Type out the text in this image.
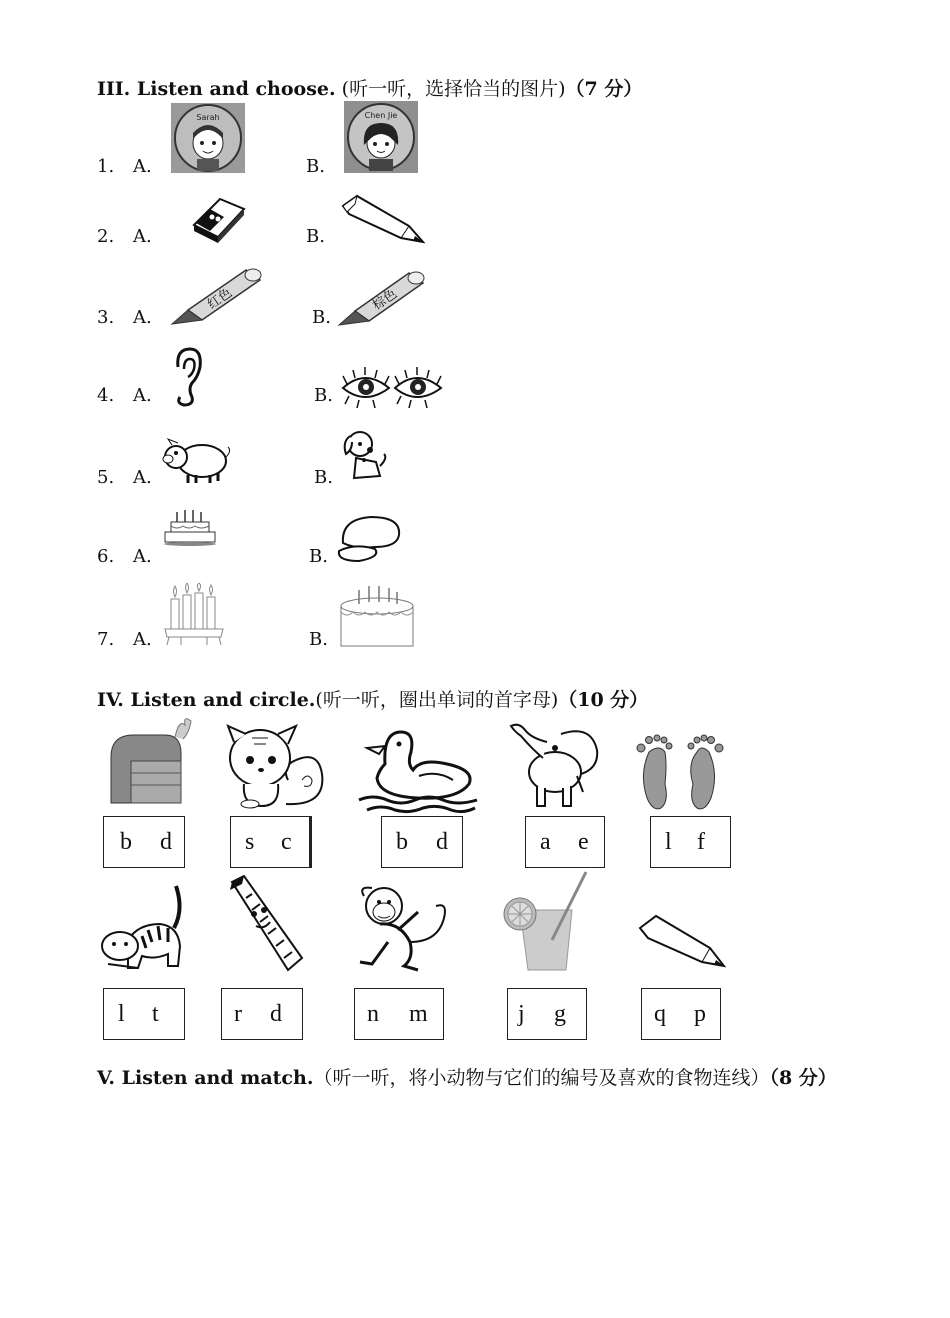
III. Listen and choose. (听一听，选择恰当的图片)（7 分）
1. A.
Sarah
B.
Chen Jie
2. A.	B.
3. A.
红色
B.
棕色
4. A.	B.
5. A.	B.
6. A.	B.
7. A.	B.
IV. Listen and circle.(听一听，圈出单词的首字母)（10 分）
b d	s c	b d	a e	l f
l t	r d	n m	j g	q p
V. Listen and match.（听一听，将小动物与它们的编号及喜欢的食物连线）（8 分）
